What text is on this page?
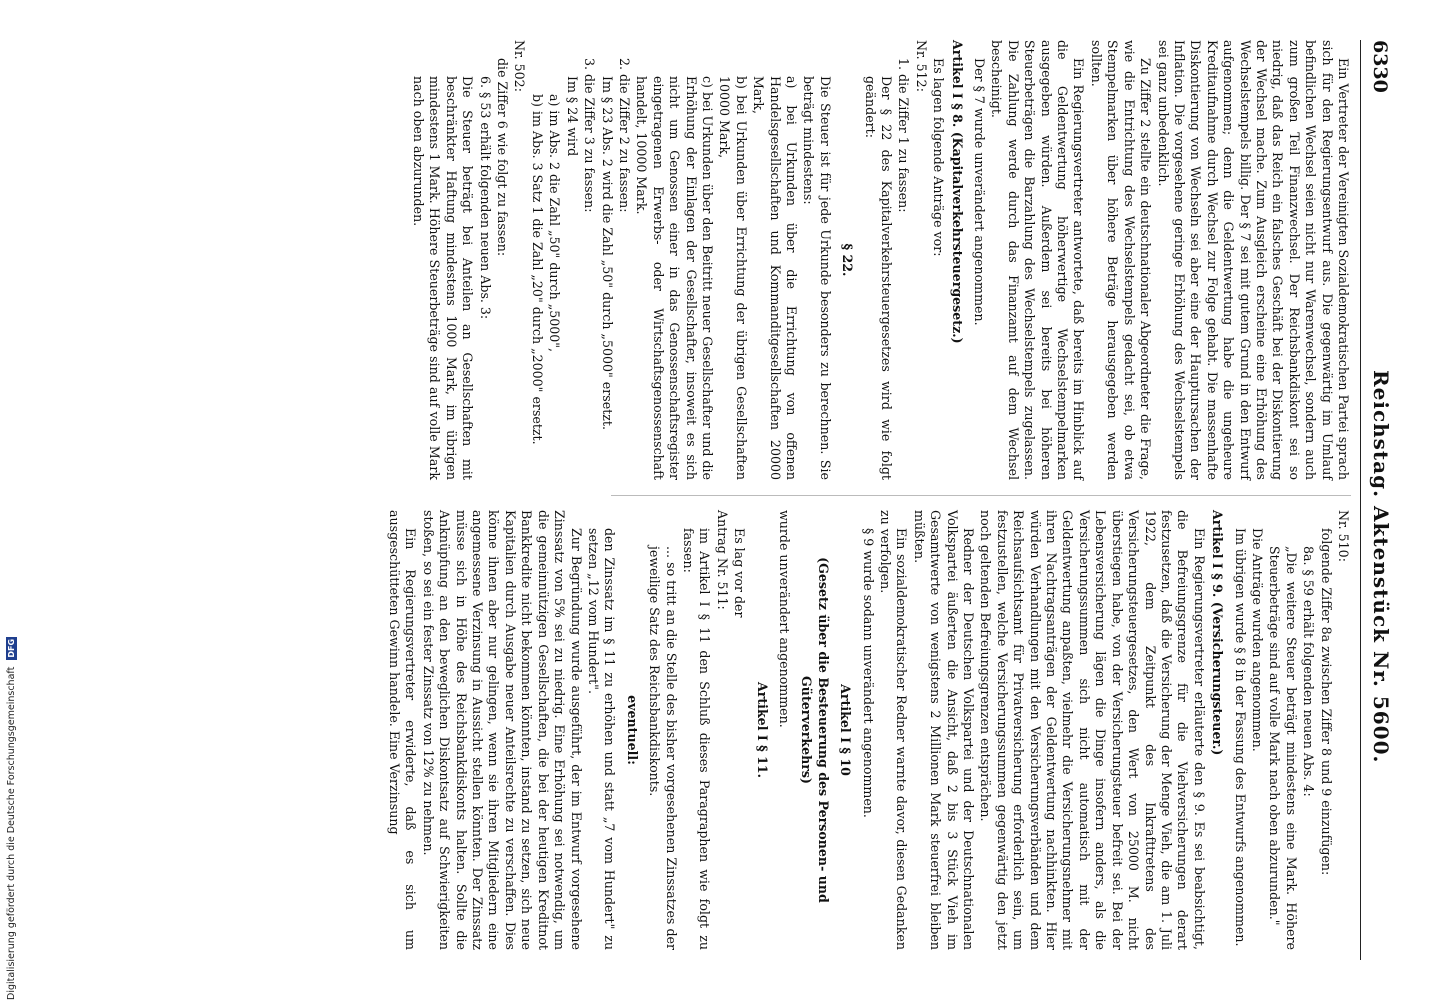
6330
Reichstag. Aktenstück Nr. 5600.

Ein Vertreter der Vereinigten Sozialdemokratischen Partei sprach sich für den Regierungsentwurf aus. Die gegenwärtig im Umlauf befindlichen Wechsel seien nicht nur Warenwechsel, sondern auch zum großen Teil Finanzwechsel. Der Reichsbankdiskont sei so niedrig, daß das Reich ein falsches Geschäft bei der Diskontierung der Wechsel mache. Zum Ausgleich erscheine eine Erhöhung des Wechselstempels billig. Der § 7 sei mit gutem Grund in den Entwurf aufgenommen; denn die Geldentwertung habe die ungeheure Kreditaufnahme durch Wechsel zur Folge gehabt. Die massenhafte Diskontierung von Wechseln sei aber eine der Hauptursachen der Inflation. Die vorgesehene geringe Erhöhung des Wechselstempels sei ganz unbedenklich.

Zu Ziffer 2 stellte ein deutschnationaler Abgeordneter die Frage, wie die Entrichtung des Wechselstempels gedacht sei, ob etwa Stempelmarken über höhere Beträge herausgegeben werden sollten.

Ein Regierungsvertreter antwortete, daß bereits im Hinblick auf die Geldentwertung höherwertige Wechselstempelmarken ausgegeben würden. Außerdem sei bereits bei höheren Steuerbeträgen die Barzahlung des Wechselstempels zugelassen. Die Zahlung werde durch das Finanzamt auf dem Wechsel bescheinigt.

Der § 7 wurde unverändert angenommen.

Artikel I § 8. (Kapitalverkehrsteuergesetz.)

Es lagen folgende Anträge vor:

Nr. 512:

1. die Ziffer 1 zu fassen:

Der § 22 des Kapitalverkehrsteuergesetzes wird wie folgt geändert:

§ 22.

Die Steuer ist für jede Urkunde besonders zu berechnen. Sie beträgt mindestens:

a) bei Urkunden über die Errichtung von offenen Handelsgesellschaften und Kommanditgesellschaften 20000 Mark,

b) bei Urkunden über Errichtung der übrigen Gesellschaften 10000 Mark,

c) bei Urkunden über den Beitritt neuer Gesellschafter und die Erhöhung der Einlagen der Gesellschafter, insoweit es sich nicht um Genossen einer in das Genossenschaftsregister eingetragenen Erwerbs- oder Wirtschaftsgenossenschaft handelt, 10000 Mark.

2. die Ziffer 2 zu fassen:

Im § 23 Abs. 2 wird die Zahl „50" durch „5000" ersetzt.

3. die Ziffer 3 zu fassen:

Im § 24 wird

a) im Abs. 2 die Zahl „50" durch „5000",

b) im Abs. 3 Satz 1 die Zahl „20" durch „2000" ersetzt.

Nr. 502:

die Ziffer 6 wie folgt zu fassen:

6. § 53 erhält folgenden neuen Abs. 3:

Die Steuer beträgt bei Anteilen an Gesellschaften mit beschränkter Haftung mindestens 1000 Mark, im übrigen mindestens 1 Mark. Höhere Steuerbeträge sind auf volle Mark nach oben abzurunden.

Nr. 510:

folgende Ziffer 8a zwischen Ziffer 8 und 9 einzufügen:

8a. § 59 erhält folgenden neuen Abs. 4:

„Die weitere Steuer beträgt mindestens eine Mark. Höhere Steuerbeträge sind auf volle Mark nach oben abzurunden."

Die Anträge wurden angenommen.

Im übrigen wurde § 8 in der Fassung des Entwurfs angenommen.

Artikel I § 9. (Versicherungsteuer.)

Ein Regierungsvertreter erläuterte den § 9. Es sei beabsichtigt, die Befreiungsgrenze für die Viehversicherungen derart festzusetzen, daß die Versicherung der Menge Vieh, die am 1. Juli 1922, dem Zeitpunkt des Inkrafttretens des Versicherungsteuergesetzes, den Wert von 25000 M. nicht überstiegen habe, von der Versicherungsteuer befreit sei. Bei der Lebensversicherung lägen die Dinge insofern anders, als die Versicherungssummen sich nicht automatisch mit der Geldentwertung anpaßten, vielmehr die Versicherungsnehmer mit ihren Nachtragsanträgen der Geldentwertung nachhinkten. Hier würden Verhandlungen mit den Versicherungsverbänden und dem Reichsaufsichtsamt für Privatversicherung erforderlich sein, um festzustellen, welche Versicherungssummen gegenwärtig den jetzt noch geltenden Befreiungsgrenzen entsprächen.

Redner der Deutschen Volkspartei und der Deutschnationalen Volkspartei äußerten die Ansicht, daß 2 bis 3 Stück Vieh im Gesamtwerte von wenigstens 2 Millionen Mark steuerfrei bleiben müßten.

Ein sozialdemokratischer Redner warnte davor, diesen Gedanken zu verfolgen.

§ 9 wurde sodann unverändert angenommen.

Artikel I § 10

(Gesetz über die Besteuerung des Personen- und Güterverkehrs)

wurde unverändert angenommen.

Artikel I § 11.

Es lag vor der

Antrag Nr. 511:

im Artikel I § 11 den Schluß dieses Paragraphen wie folgt zu fassen:

... so tritt an die Stelle des bisher vorgesehenen Zinssatzes der jeweilige Satz des Reichsbankdiskonts.

eventuell:

den Zinssatz im § 11 zu erhöhen und statt „7 vom Hundert" zu setzen „12 vom Hundert".

Zur Begründung wurde ausgeführt, der im Entwurf vorgesehene Zinssatz von 5% sei zu niedrig. Eine Erhöhung sei notwendig, um die gemeinnützigen Gesellschaften, die bei der heutigen Kreditnot Bankkredite nicht bekommen könnten, instand zu setzen, sich neue Kapitalien durch Ausgabe neuer Anteilsrechte zu verschaffen. Dies könne ihnen aber nur gelingen, wenn sie ihren Mitgliedern eine angemessene Verzinsung in Aussicht stellen könnten. Der Zinssatz müsse sich in Höhe des Reichsbankdiskonts halten. Sollte die Anknüpfung an den beweglichen Diskontsatz auf Schwierigkeiten stoßen, so sei ein fester Zinssatz von 12% zu nehmen.

Ein Regierungsvertreter erwiderte, daß es sich um ausgeschütteten Gewinn handele. Eine Verzinsung

Digitalisierung gefördert durch die Deutsche Forschungsgemeinschaft DFG
